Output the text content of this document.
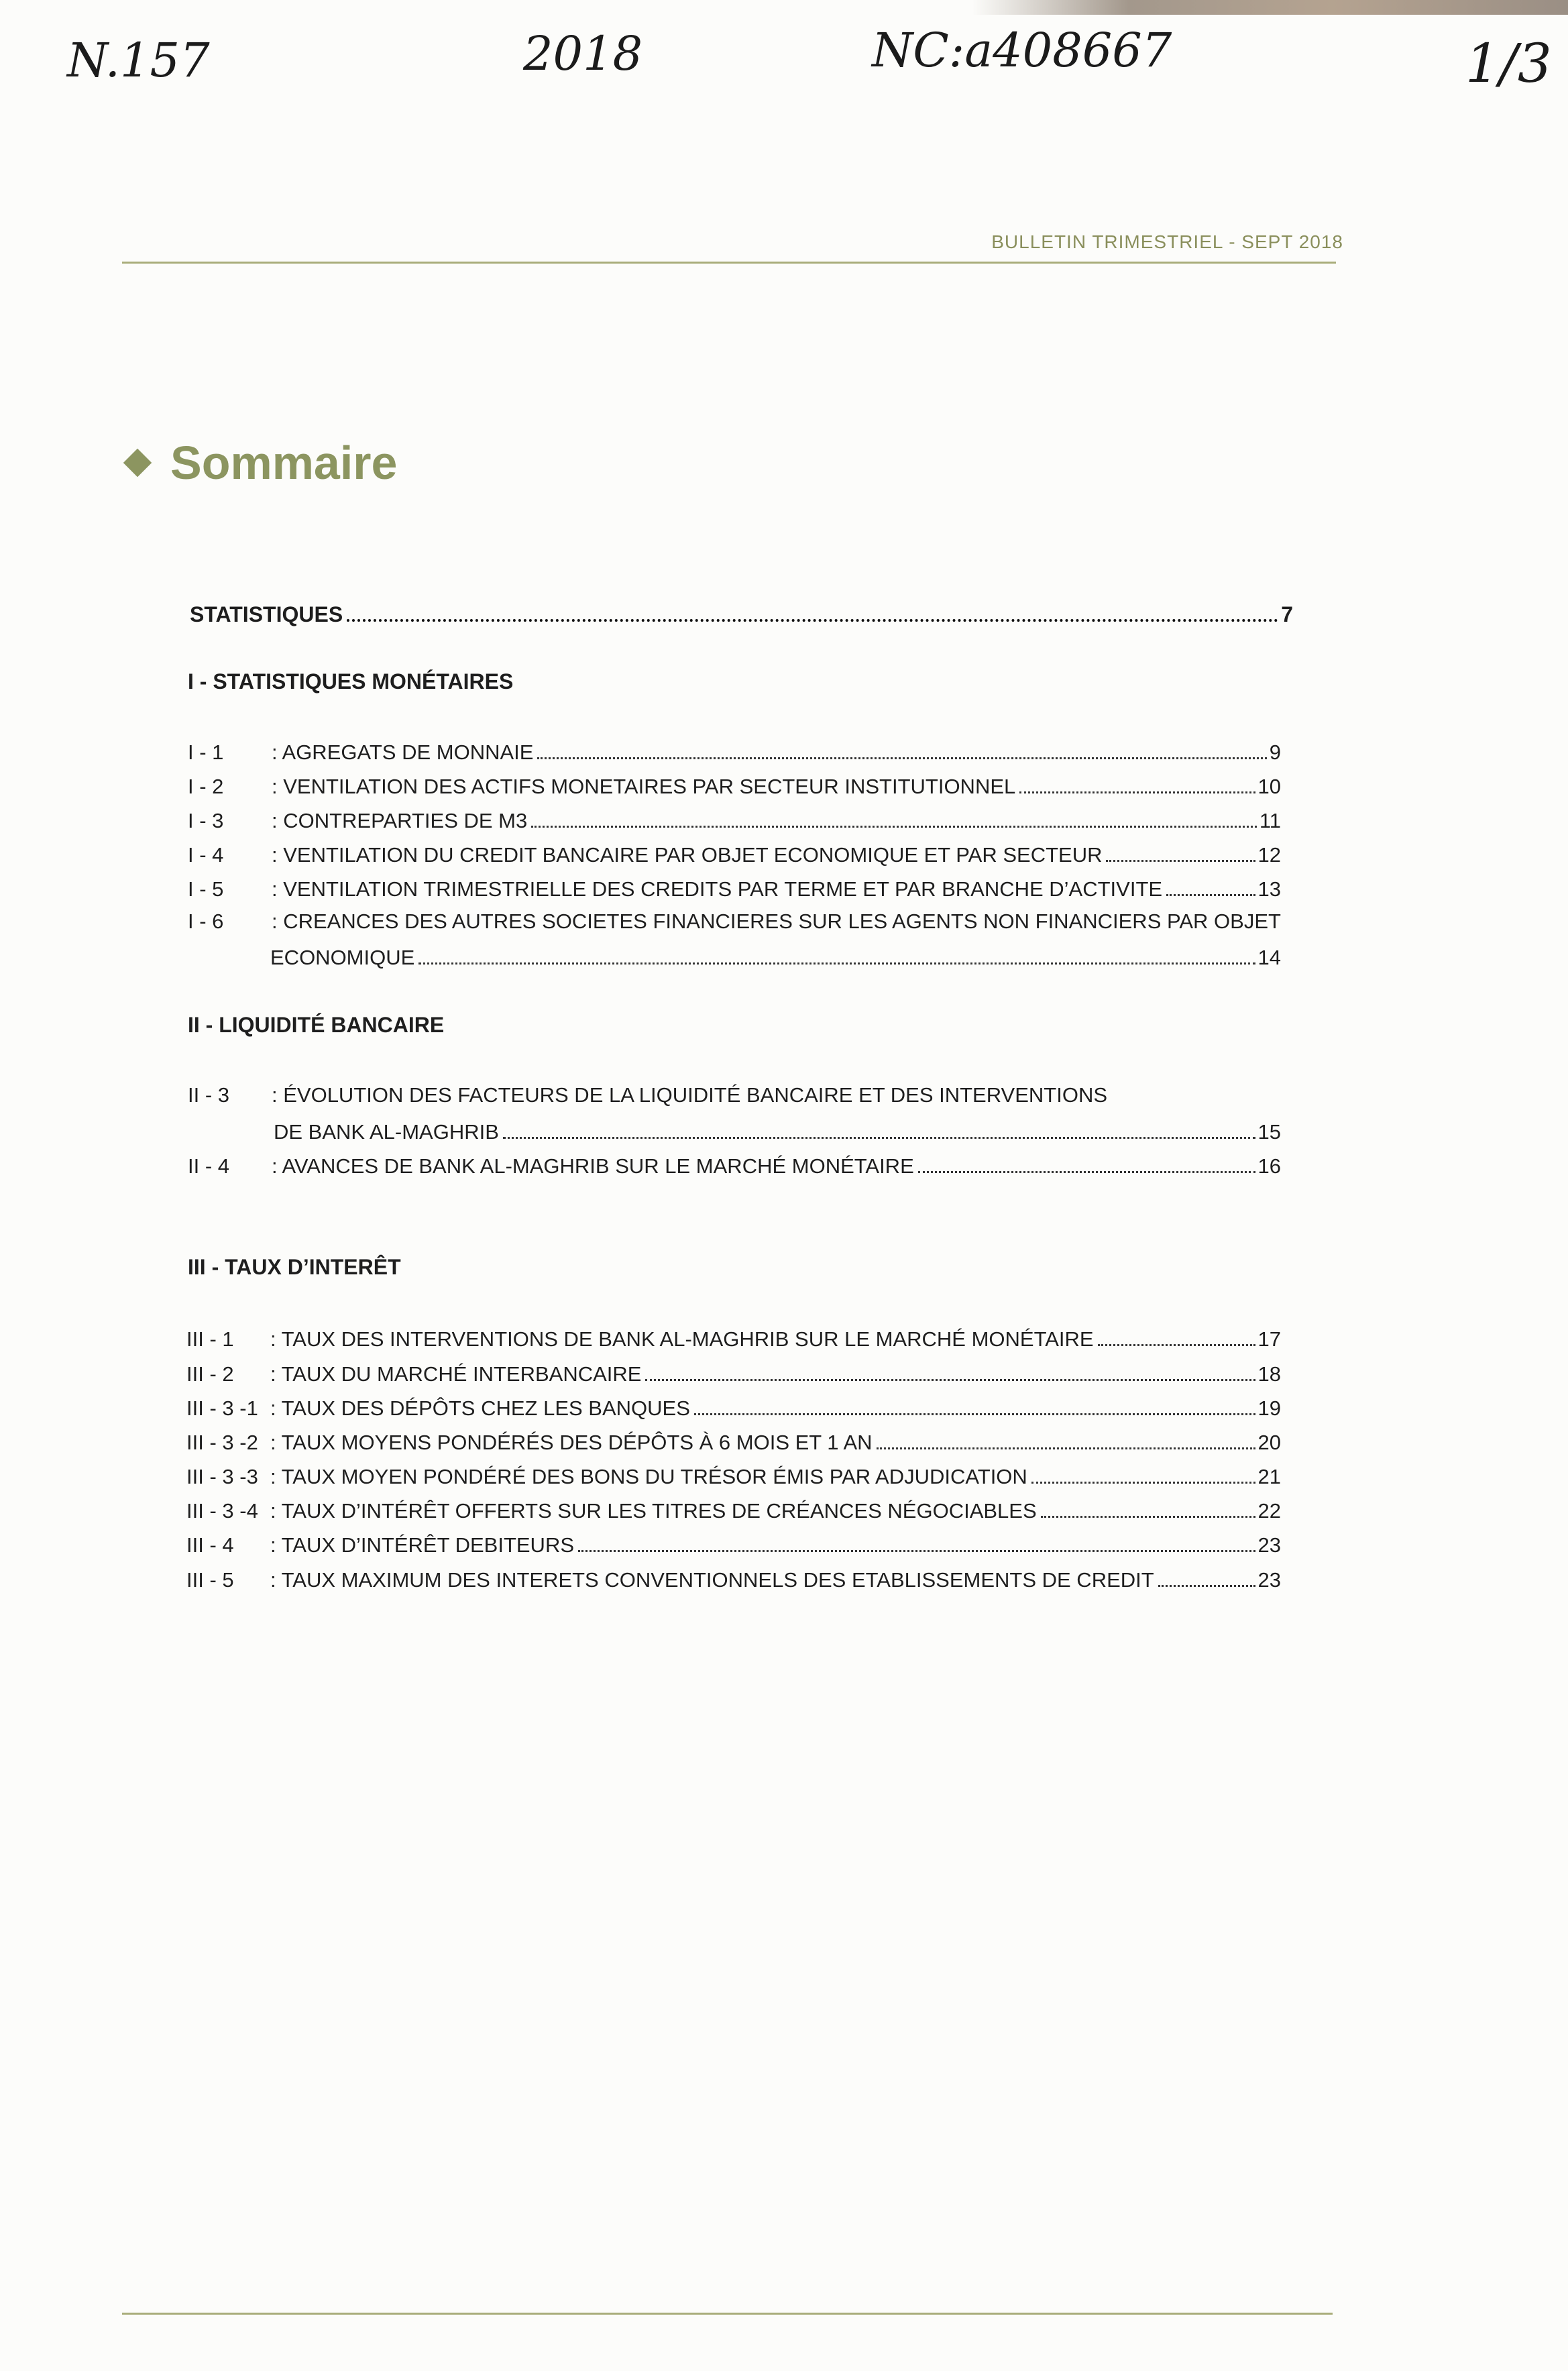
N.157	2018	NC:a408667	1/3
BULLETIN TRIMESTRIEL - SEPT 2018
Sommaire
STATISTIQUES	7
I - STATISTIQUES MONÉTAIRES
I - 1	: AGREGATS DE MONNAIE	9
I - 2	: VENTILATION DES ACTIFS MONETAIRES PAR SECTEUR INSTITUTIONNEL	10
I - 3	: CONTREPARTIES DE M3	11
I - 4	: VENTILATION DU CREDIT BANCAIRE PAR OBJET ECONOMIQUE ET PAR SECTEUR	12
I - 5	: VENTILATION TRIMESTRIELLE DES CREDITS PAR TERME ET PAR BRANCHE D’ACTIVITE	13
I - 6 : CREANCES DES AUTRES SOCIETES FINANCIERES SUR LES AGENTS NON FINANCIERS PAR OBJET
ECONOMIQUE	14
II - LIQUIDITÉ BANCAIRE
II - 3 : ÉVOLUTION DES FACTEURS DE LA LIQUIDITÉ BANCAIRE ET DES INTERVENTIONS
DE BANK AL-MAGHRIB	15
II - 4	: AVANCES DE BANK AL-MAGHRIB SUR LE MARCHÉ MONÉTAIRE	16
III - TAUX D’INTERÊT
III - 1	: TAUX DES INTERVENTIONS DE BANK AL-MAGHRIB SUR LE MARCHÉ MONÉTAIRE	17
III - 2	: TAUX DU MARCHÉ INTERBANCAIRE	18
III - 3 -1 : TAUX DES DÉPÔTS CHEZ LES BANQUES	19
III - 3 -2 : TAUX MOYENS PONDÉRÉS DES DÉPÔTS À 6 MOIS ET 1 AN	20
III - 3 -3 : TAUX MOYEN PONDÉRÉ DES BONS DU TRÉSOR ÉMIS PAR ADJUDICATION	21
III - 3 -4 : TAUX D’INTÉRÊT OFFERTS SUR LES TITRES DE CRÉANCES NÉGOCIABLES	22
III - 4	: TAUX D’INTÉRÊT DEBITEURS	23
III - 5	: TAUX MAXIMUM DES INTERETS CONVENTIONNELS DES ETABLISSEMENTS DE CREDIT	23
